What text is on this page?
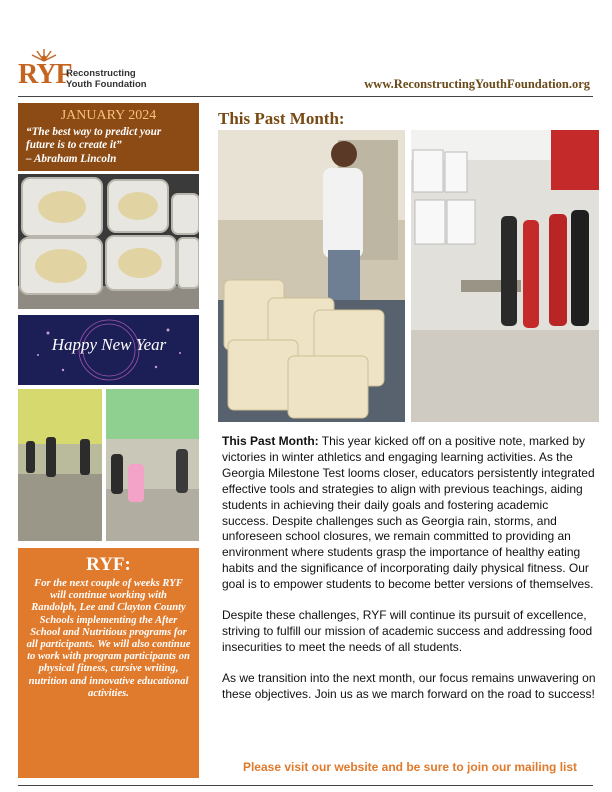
RYF
Reconstructing
Youth Foundation	www.ReconstructingYouthFoundation.org
JANUARY 2024
“The best way to predict your future is to create it”
– Abraham Lincoln
Happy New Year
RYF:
For the next couple of weeks RYF will continue working with Randolph, Lee and Clayton County Schools implementing the After School and Nutritious programs for all participants. We will also continue to work with program participants on physical fitness, cursive writing, nutrition and innovative educational activities.
This Past Month:

This Past Month: This year kicked off on a positive note, marked by victories in winter athletics and engaging learning activities. As the Georgia Milestone Test looms closer, educators persistently integrated effective tools and strategies to align with previous teachings, aiding students in achieving their daily goals and fostering academic success. Despite challenges such as Georgia rain, storms, and unforeseen school closures, we remain committed to providing an environment where students grasp the importance of healthy eating habits and the significance of incorporating daily physical fitness. Our goal is to empower students to become better versions of themselves.

Despite these challenges, RYF will continue its pursuit of excellence, striving to fulfill our mission of academic success and addressing food insecurities to meet the needs of all students.

As we transition into the next month, our focus remains unwavering on these objectives. Join us as we march forward on the road to success!

Please visit our website and be sure to join our mailing list
